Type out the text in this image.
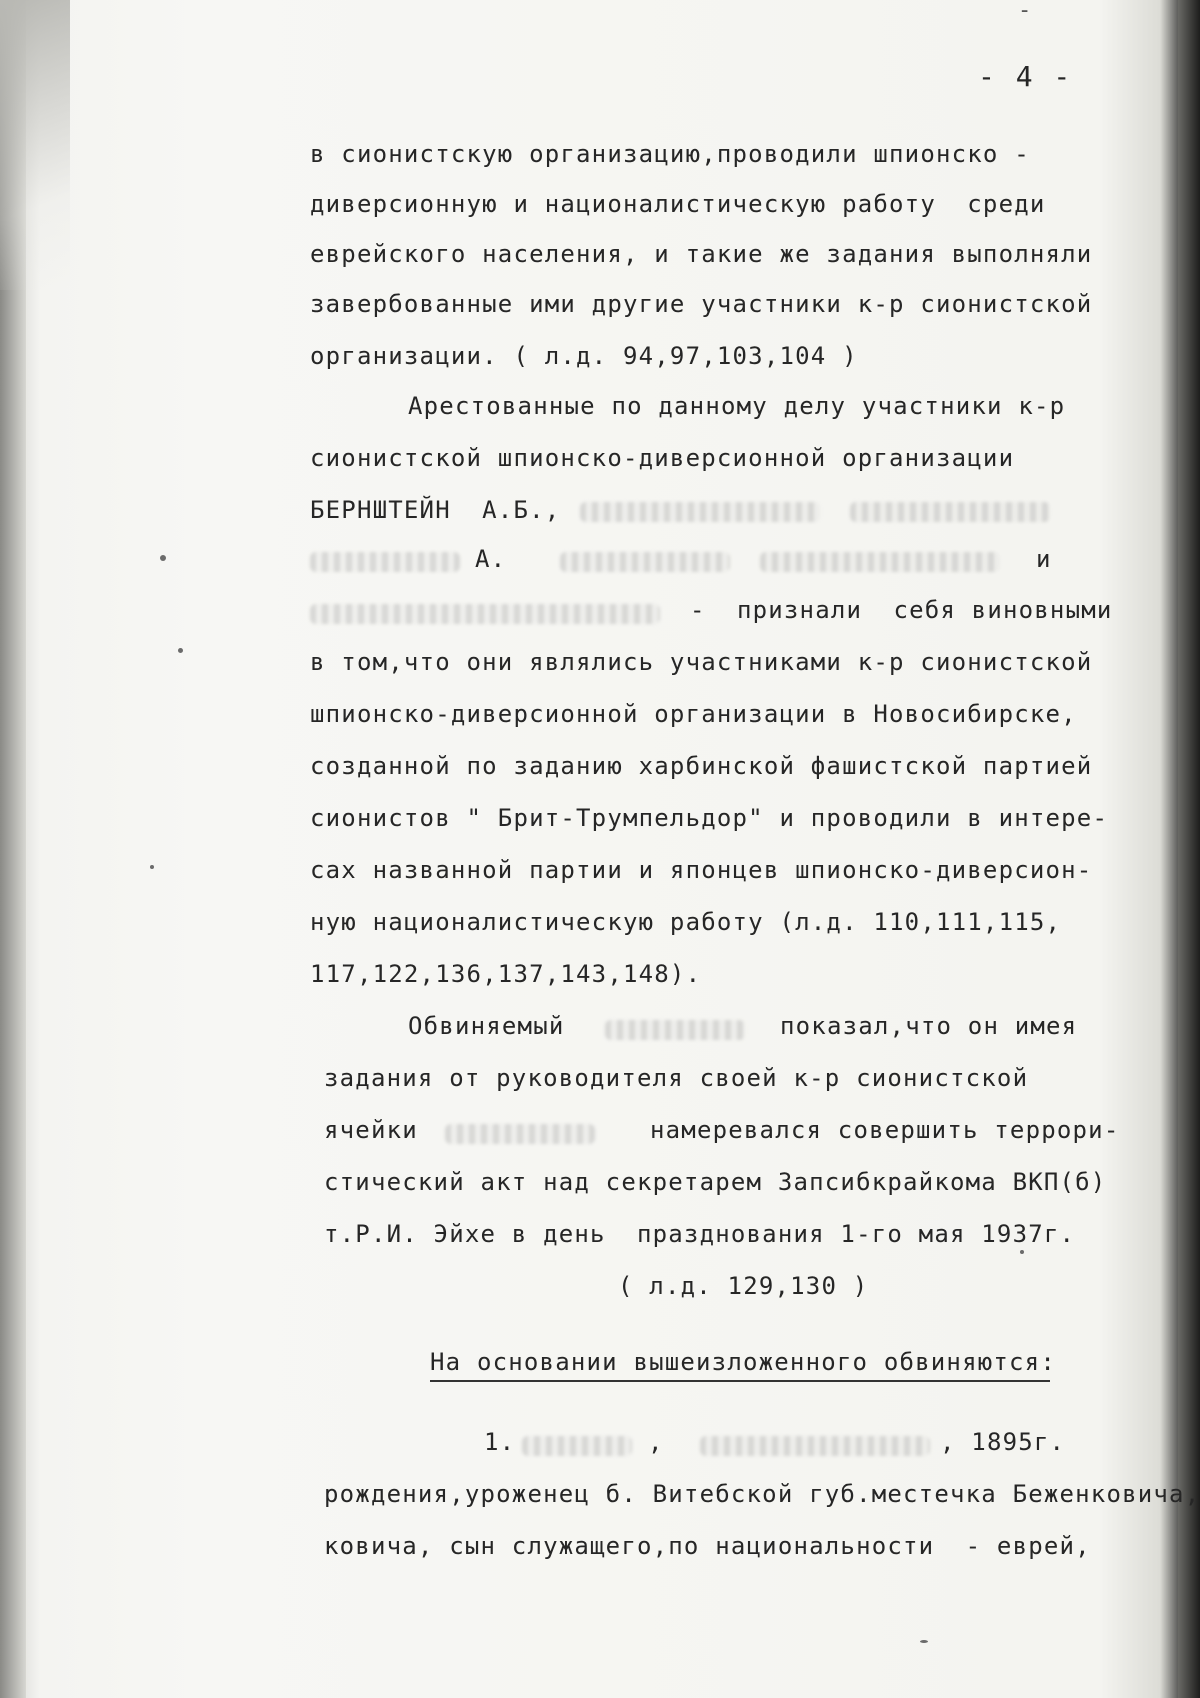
-
- 4 -
в сионистскую организацию,проводили шпионско -
диверсионную и националистическую работу  среди
еврейского населения, и такие же задания выполняли
завербованные ими другие участники к-р сионистской
организации. ( л.д. 94,97,103,104 )
Арестованные по данному делу участники к-р
сионистской шпионско-диверсионной организации
БЕРНШТЕЙН  А.Б.,
А.	и
-  признали  себя виновными
в том,что они являлись участниками к-р сионистской
шпионско-диверсионной организации в Новосибирске,
созданной по заданию харбинской фашистской партией
сионистов " Брит-Трумпельдор" и проводили в интере-
сах названной партии и японцев шпионско-диверсион-
ную националистическую работу (л.д. 110,111,115,
117,122,136,137,143,148).
Обвиняемый	показал,что он имея
задания от руководителя своей к-р сионистской
ячейки	намеревался совершить террори-
стический акт над секретарем Запсибкрайкома ВКП(б)
т.Р.И. Эйхе в день  празднования 1-го мая 1937г.
( л.д. 129,130 )
На основании вышеизложенного обвиняются:
1.	,	, 1895г.
рождения,уроженец б. Витебской губ.местечка Беженковича,
ковича, сын служащего,по национальности  - еврей,
